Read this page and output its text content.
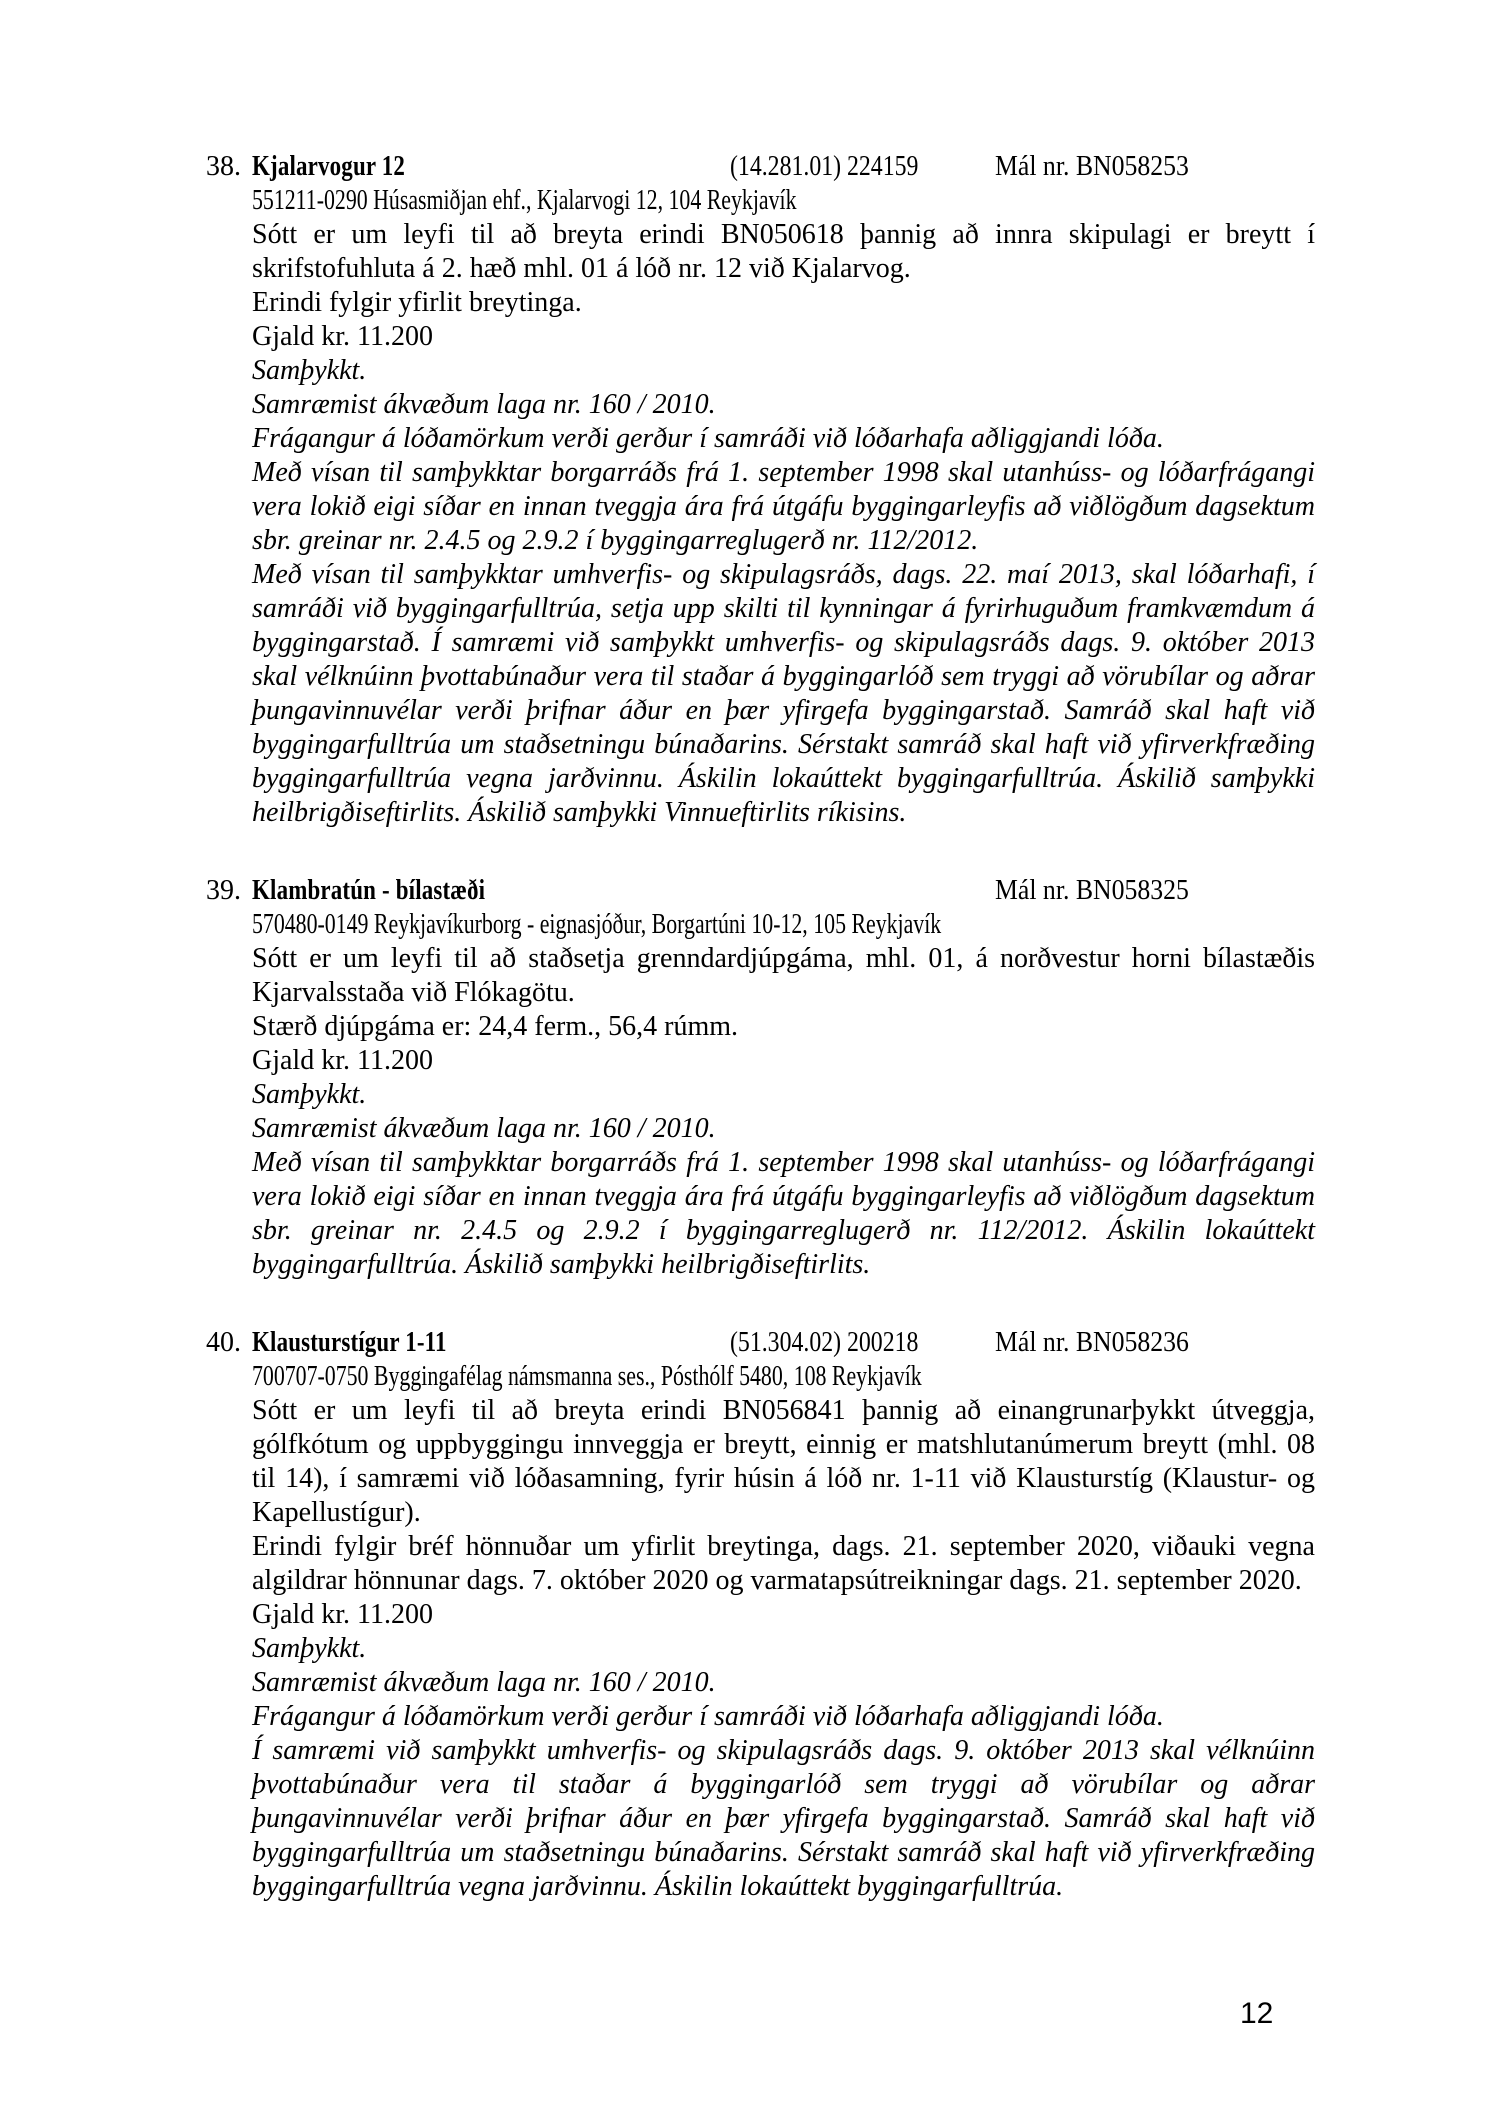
38. Kjalarvogur 12	(14.281.01) 224159	Mál nr. BN058253
551211-0290 Húsasmiðjan ehf., Kjalarvogi 12, 104 Reykjavík
Sótt er um leyfi til að breyta erindi BN050618 þannig að innra skipulagi er breytt í skrifstofuhluta á 2. hæð mhl. 01 á lóð nr. 12 við Kjalarvog.
Erindi fylgir yfirlit breytinga.
Gjald kr. 11.200
Samþykkt.
Samræmist ákvæðum laga nr. 160 / 2010.
Frágangur á lóðamörkum verði gerður í samráði við lóðarhafa aðliggjandi lóða.
Með vísan til samþykktar borgarráðs frá 1. september 1998 skal utanhúss- og lóðarfrágangi vera lokið eigi síðar en innan tveggja ára frá útgáfu byggingarleyfis að viðlögðum dagsektum sbr. greinar nr. 2.4.5 og 2.9.2 í byggingarreglugerð nr. 112/2012.
Með vísan til samþykktar umhverfis- og skipulagsráðs, dags. 22. maí 2013, skal lóðarhafi, í samráði við byggingarfulltrúa, setja upp skilti til kynningar á fyrirhuguðum framkvæmdum á byggingarstað. Í samræmi við samþykkt umhverfis- og skipulagsráðs dags. 9. október 2013 skal vélknúinn þvottabúnaður vera til staðar á byggingarlóð sem tryggi að vörubílar og aðrar þungavinnuvélar verði þrifnar áður en þær yfirgefa byggingarstað. Samráð skal haft við byggingarfulltrúa um staðsetningu búnaðarins. Sérstakt samráð skal haft við yfirverkfræðing byggingarfulltrúa vegna jarðvinnu. Áskilin lokaúttekt byggingarfulltrúa. Áskilið samþykki heilbrigðiseftirlits. Áskilið samþykki Vinnueftirlits ríkisins.
39. Klambratún - bílastæði	Mál nr. BN058325
570480-0149 Reykjavíkurborg - eignasjóður, Borgartúni 10-12, 105 Reykjavík
Sótt er um leyfi til að staðsetja grenndardjúpgáma, mhl. 01, á norðvestur horni bílastæðis Kjarvalsstaða við Flókagötu.
Stærð djúpgáma er: 24,4 ferm., 56,4 rúmm.
Gjald kr. 11.200
Samþykkt.
Samræmist ákvæðum laga nr. 160 / 2010.
Með vísan til samþykktar borgarráðs frá 1. september 1998 skal utanhúss- og lóðarfrágangi vera lokið eigi síðar en innan tveggja ára frá útgáfu byggingarleyfis að viðlögðum dagsektum sbr. greinar nr. 2.4.5 og 2.9.2 í byggingarreglugerð nr. 112/2012. Áskilin lokaúttekt byggingarfulltrúa. Áskilið samþykki heilbrigðiseftirlits.
40. Klausturstígur 1-11	(51.304.02) 200218	Mál nr. BN058236
700707-0750 Byggingafélag námsmanna ses., Pósthólf 5480, 108 Reykjavík
Sótt er um leyfi til að breyta erindi BN056841 þannig að einangrunarþykkt útveggja, gólfkótum og uppbyggingu innveggja er breytt, einnig er matshlutanúmerum breytt (mhl. 08 til 14), í samræmi við lóðasamning, fyrir húsin á lóð nr. 1-11 við Klausturstíg (Klaustur- og Kapellustígur).
Erindi fylgir bréf hönnuðar um yfirlit breytinga, dags. 21. september 2020, viðauki vegna algildrar hönnunar dags. 7. október 2020 og varmatapsútreikningar dags. 21. september 2020.
Gjald kr. 11.200
Samþykkt.
Samræmist ákvæðum laga nr. 160 / 2010.
Frágangur á lóðamörkum verði gerður í samráði við lóðarhafa aðliggjandi lóða.
Í samræmi við samþykkt umhverfis- og skipulagsráðs dags. 9. október 2013 skal vélknúinn þvottabúnaður vera til staðar á byggingarlóð sem tryggi að vörubílar og aðrar þungavinnuvélar verði þrifnar áður en þær yfirgefa byggingarstað. Samráð skal haft við byggingarfulltrúa um staðsetningu búnaðarins. Sérstakt samráð skal haft við yfirverkfræðing byggingarfulltrúa vegna jarðvinnu. Áskilin lokaúttekt byggingarfulltrúa.
12
